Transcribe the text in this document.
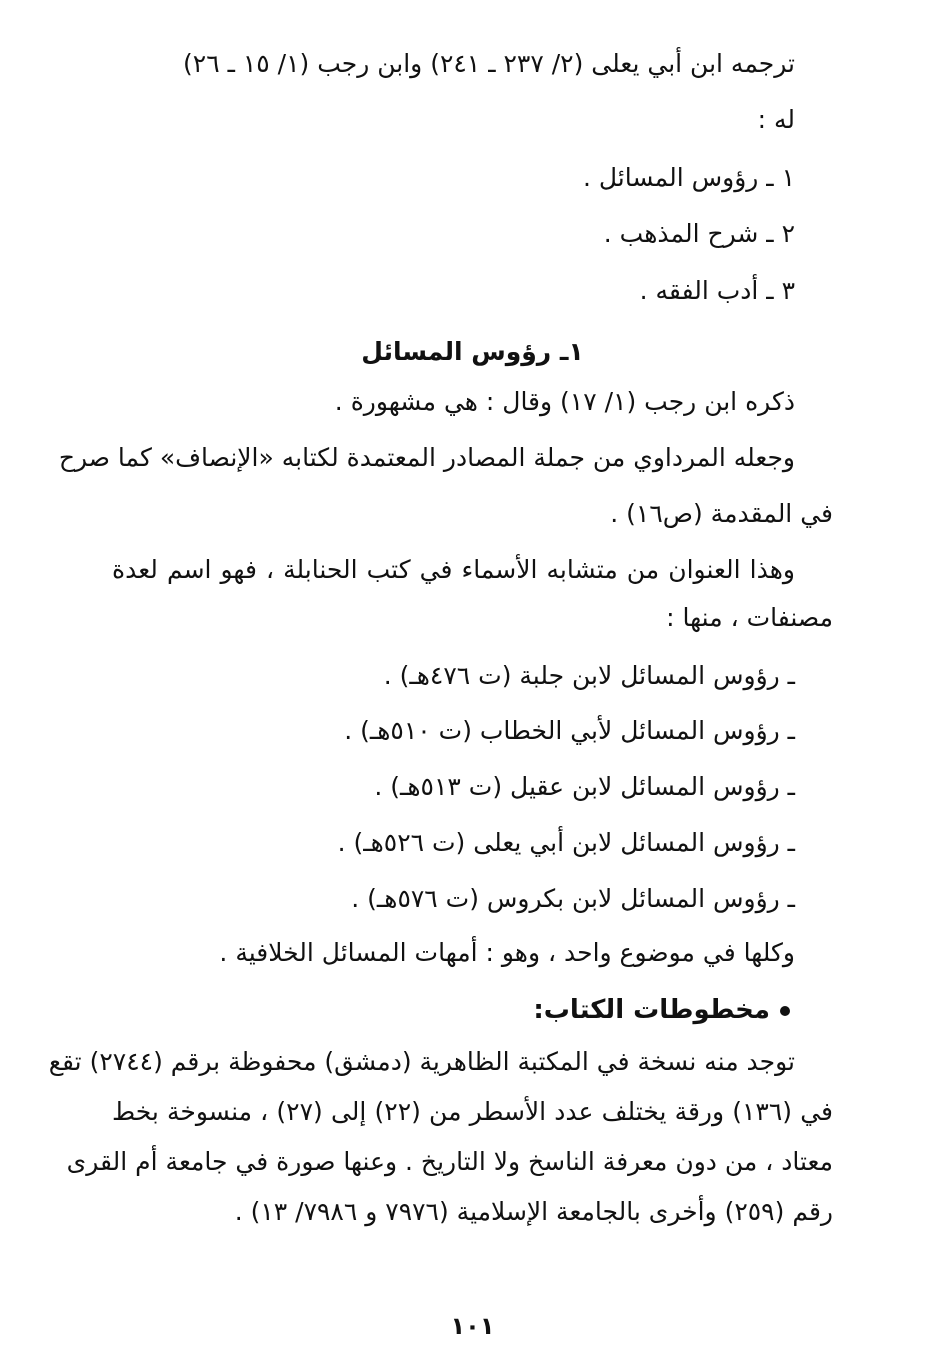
ترجمه ابن أبي يعلى (٢/ ٢٣٧ ـ ٢٤١) وابن رجب (١/ ١٥ ـ ٢٦)
له :
١ ـ رؤوس المسائل .
٢ ـ شرح المذهب .
٣ ـ أدب الفقه .
١ـ رؤوس المسائل
ذكره ابن رجب (١/ ١٧) وقال : هي مشهورة .
وجعله المرداوي من جملة المصادر المعتمدة لكتابه «الإنصاف» كما صرح
في المقدمة (ص١٦) .
وهذا العنوان من متشابه الأسماء في كتب الحنابلة ، فهو اسم لعدة
مصنفات ، منها :
ـ رؤوس المسائل لابن جلبة (ت ٤٧٦هـ) .
ـ رؤوس المسائل لأبي الخطاب (ت ٥١٠هـ) .
ـ رؤوس المسائل لابن عقيل (ت ٥١٣هـ) .
ـ رؤوس المسائل لابن أبي يعلى (ت ٥٢٦هـ) .
ـ رؤوس المسائل لابن بكروس (ت ٥٧٦هـ) .
وكلها في موضوع واحد ، وهو : أمهات المسائل الخلافية .
مخطوطات الكتاب:
توجد منه نسخة في المكتبة الظاهرية (دمشق) محفوظة برقم (٢٧٤٤) تقع
في (١٣٦) ورقة يختلف عدد الأسطر من (٢٢) إلى (٢٧) ، منسوخة بخط
معتاد ، من دون معرفة الناسخ ولا التاريخ . وعنها صورة في جامعة أم القرى
رقم (٢٥٩) وأخرى بالجامعة الإسلامية (٧٩٧٦ و ٧٩٨٦/ ١٣) .
١٠١
